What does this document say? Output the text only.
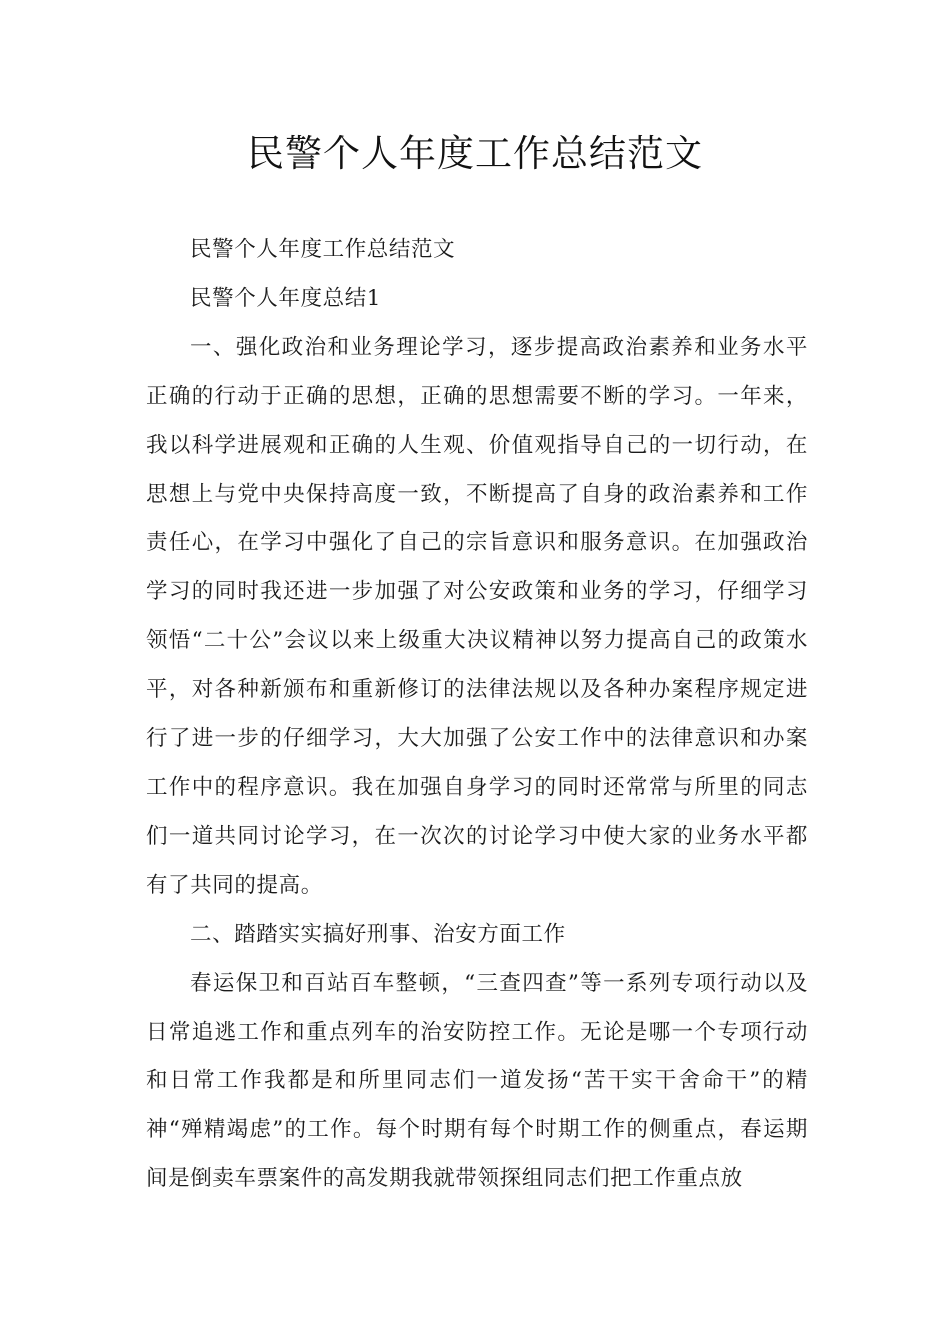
民警个人年度工作总结范文

民警个人年度工作总结范文

民警个人年度总结1

一、强化政治和业务理论学习，逐步提高政治素养和业务水平正确的行动于正确的思想，正确的思想需要不断的学习。一年来，我以科学进展观和正确的人生观、价值观指导自己的一切行动，在思想上与党中央保持高度一致，不断提高了自身的政治素养和工作责任心，在学习中强化了自己的宗旨意识和服务意识。在加强政治学习的同时我还进一步加强了对公安政策和业务的学习，仔细学习领悟“二十公”会议以来上级重大决议精神以努力提高自己的政策水平，对各种新颁布和重新修订的法律法规以及各种办案程序规定进行了进一步的仔细学习，大大加强了公安工作中的法律意识和办案工作中的程序意识。我在加强自身学习的同时还常常与所里的同志们一道共同讨论学习，在一次次的讨论学习中使大家的业务水平都有了共同的提高。

二、踏踏实实搞好刑事、治安方面工作

春运保卫和百站百车整顿，“三查四查”等一系列专项行动以及日常追逃工作和重点列车的治安防控工作。无论是哪一个专项行动和日常工作我都是和所里同志们一道发扬“苦干实干舍命干”的精神“殚精竭虑”的工作。每个时期有每个时期工作的侧重点，春运期间是倒卖车票案件的高发期我就带领探组同志们把工作重点放
